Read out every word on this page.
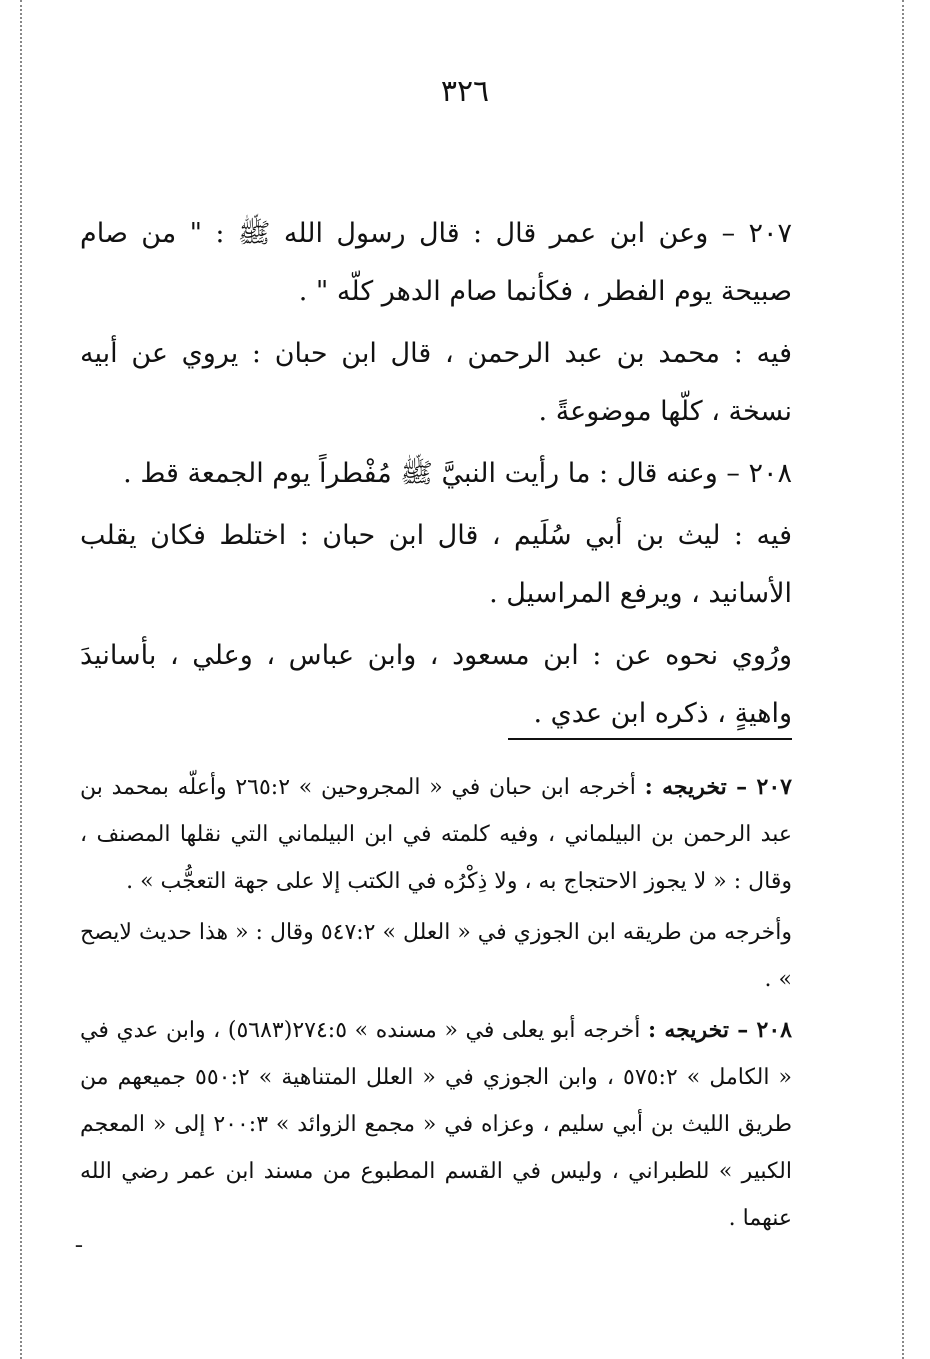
٣٢٦

٢٠٧ – وعن ابن عمر قال : قال رسول الله ﷺ : " من صام صبيحة يوم الفطر ، فكأنما صام الدهر كلّه " .

فيه : محمد بن عبد الرحمن ، قال ابن حبان : يروي عن أبيه نسخة ، كلّها موضوعةً .

٢٠٨ – وعنه قال : ما رأيت النبيَّ ﷺ مُفْطراً يوم الجمعة قط .

فيه : ليث بن أبي سُلَيم ، قال ابن حبان : اختلط فكان يقلب الأسانيد ، ويرفع المراسيل .

ورُوي نحوه عن : ابن مسعود ، وابن عباس ، وعلي ، بأسانيدَ واهيةٍ ، ذكره ابن عدي .

٢٠٧ – تخريجه : أخرجه ابن حبان في « المجروحين » ٢٦٥:٢ وأعلّه بمحمد بن عبد الرحمن بن البيلماني ، وفيه كلمته في ابن البيلماني التي نقلها المصنف ، وقال : « لا يجوز الاحتجاج به ، ولا ذِكْرُه في الكتب إلا على جهة التعجُّب » .

وأخرجه من طريقه ابن الجوزي في « العلل » ٥٤٧:٢ وقال : « هذا حديث لايصح » .

٢٠٨ – تخريجه : أخرجه أبو يعلى في « مسنده » ٢٧٤:٥(٥٦٨٣) ، وابن عدي في « الكامل » ٥٧٥:٢ ، وابن الجوزي في « العلل المتناهية » ٥٥٠:٢ جميعهم من طريق الليث بن أبي سليم ، وعزاه في « مجمع الزوائد » ٢٠٠:٣ إلى « المعجم الكبير » للطبراني ، وليس في القسم المطبوع من مسند ابن عمر رضي الله عنهما .

ـ
